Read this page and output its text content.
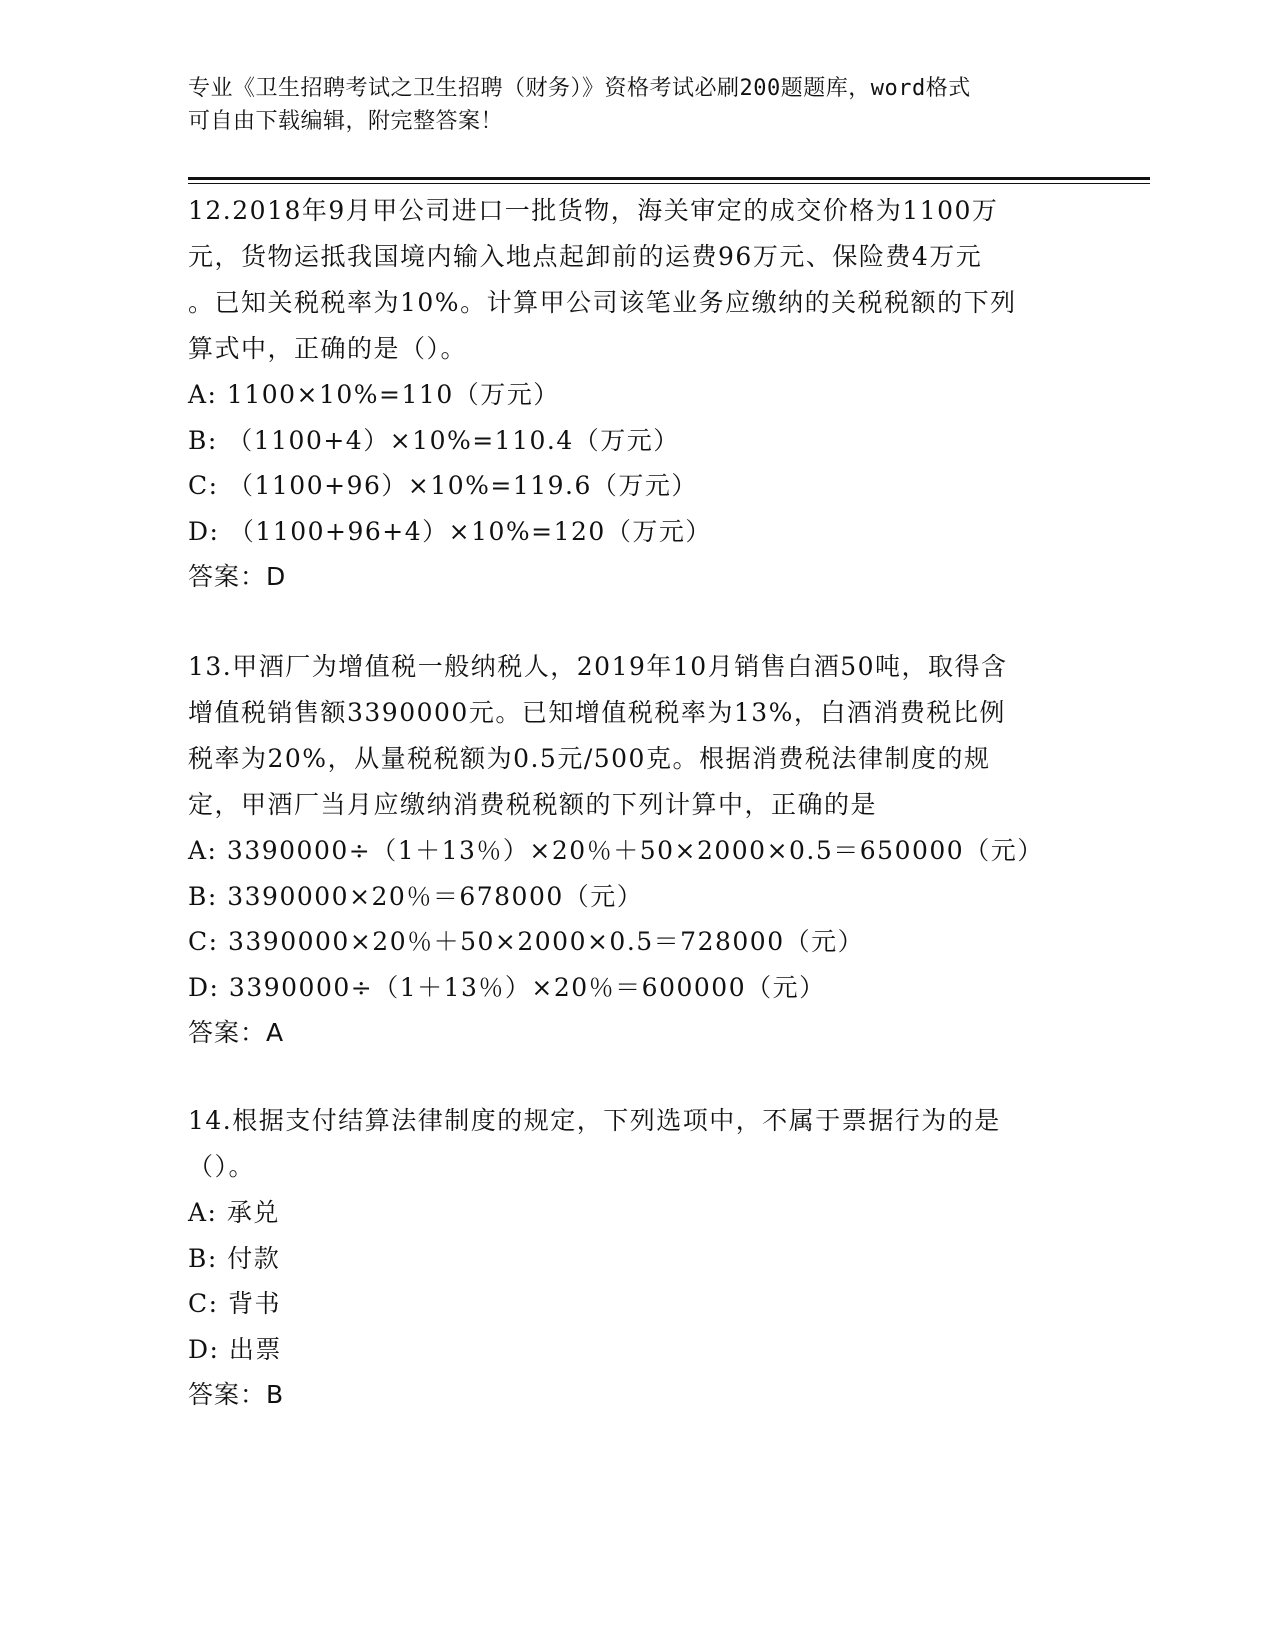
专业《卫生招聘考试之卫生招聘（财务）》资格考试必刷200题题库，word格式
可自由下载编辑，附完整答案！

12.2018年9月甲公司进口一批货物，海关审定的成交价格为1100万

元，货物运抵我国境内输入地点起卸前的运费96万元、保险费4万元

。已知关税税率为10%。计算甲公司该笔业务应缴纳的关税税额的下列

算式中，正确的是（）。

A: 1100×10%=110（万元）

B: （1100+4）×10%=110.4（万元）

C: （1100+96）×10%=119.6（万元）

D: （1100+96+4）×10%=120（万元）

答案：D

13.甲酒厂为增值税一般纳税人，2019年10月销售白酒50吨，取得含

增值税销售额3390000元。已知增值税税率为13%，白酒消费税比例

税率为20%，从量税税额为0.5元/500克。根据消费税法律制度的规

定，甲酒厂当月应缴纳消费税税额的下列计算中，正确的是

A: 3390000÷（1＋13％）×20％＋50×2000×0.5＝650000（元）

B: 3390000×20％＝678000（元）

C: 3390000×20％＋50×2000×0.5＝728000（元）

D: 3390000÷（1＋13％）×20％＝600000（元）

答案：A

14.根据支付结算法律制度的规定，下列选项中，不属于票据行为的是

（）。

A: 承兑

B: 付款

C: 背书

D: 出票

答案：B
